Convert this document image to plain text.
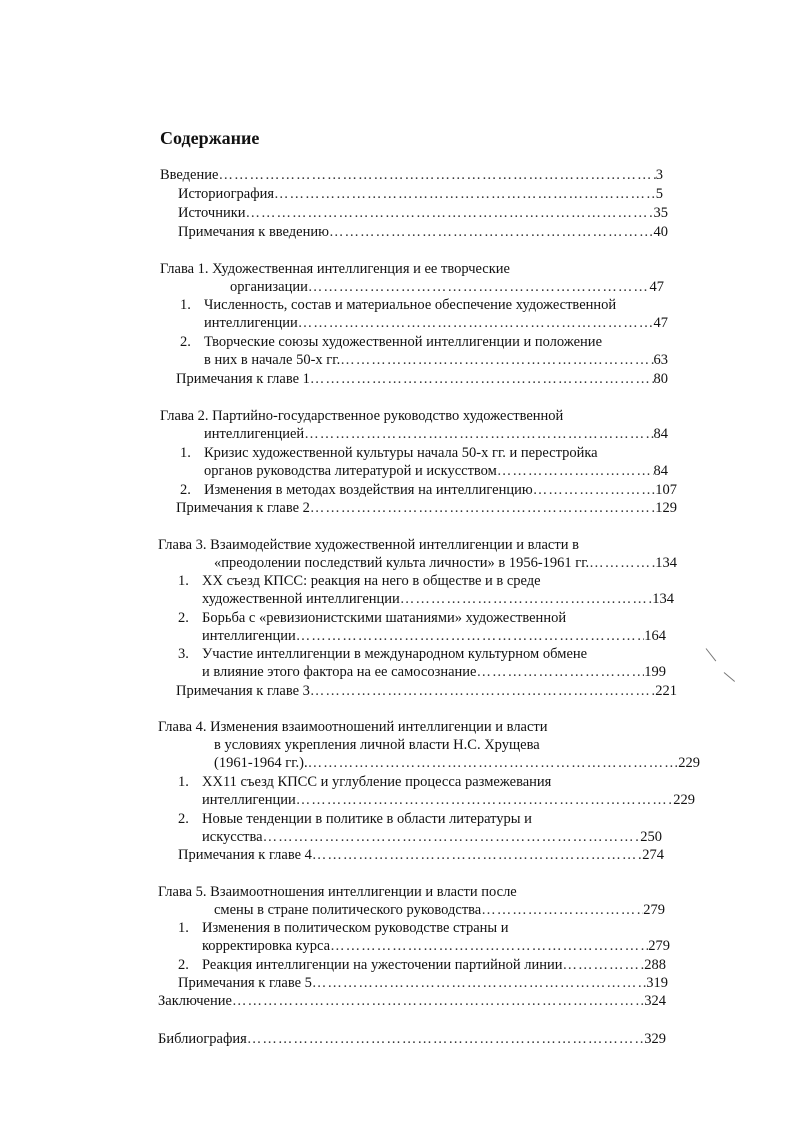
Содержание
Введение …………………………………………………………………………………………………………………………………………………………	3
Историография …………………………………………………………………………………………………………………………………………………………	5
Источники …………………………………………………………………………………………………………………………………………………………	35
Примечания к введению …………………………………………………………………………………………………………………………………………………………	40
Глава 1. Художественная интеллигенция и ее творческие
организации …………………………………………………………………………………………………………………………………………………………	47
1. Численность, состав и материальное обеспечение художественной
интеллигенции …………………………………………………………………………………………………………………………………………………………	47
2. Творческие союзы художественной интеллигенции и положение
в них в начале 50-х гг. …………………………………………………………………………………………………………………………………………………………	63
Примечания к главе 1 …………………………………………………………………………………………………………………………………………………………	80
Глава 2. Партийно-государственное руководство художественной
интеллигенцией …………………………………………………………………………………………………………………………………………………………	84
1. Кризис художественной культуры начала 50-х гг. и перестройка
органов руководства литературой и искусством …………………………………………………………………………………………………………………………………………………………	84
2. Изменения в методах воздействия на интеллигенцию …………………………………………………………………………………………………………………………………………………………	107
Примечания к главе 2 …………………………………………………………………………………………………………………………………………………………	129
Глава 3. Взаимодействие художественной интеллигенции и власти в
«преодолении последствий культа личности» в 1956-1961 гг. …………………………………………………………………………………………………………………………………………………………	134
1. XX съезд КПСС: реакция на него в обществе и в среде
художественной интеллигенции …………………………………………………………………………………………………………………………………………………………	134
2. Борьба с «ревизионистскими шатаниями» художественной
интеллигенции …………………………………………………………………………………………………………………………………………………………	164
3. Участие интеллигенции в международном культурном обмене
и влияние этого фактора на ее самосознание …………………………………………………………………………………………………………………………………………………………	199
Примечания к главе 3 …………………………………………………………………………………………………………………………………………………………	221
Глава 4. Изменения взаимоотношений интеллигенции и власти
в условиях укрепления личной власти Н.С. Хрущева
(1961-1964 гг.). …………………………………………………………………………………………………………………………………………………………	229
1. XX11 съезд КПСС и углубление процесса размежевания
интеллигенции …………………………………………………………………………………………………………………………………………………………	229
2. Новые тенденции в политике в области литературы и
искусства …………………………………………………………………………………………………………………………………………………………	250
Примечания к главе 4 …………………………………………………………………………………………………………………………………………………………	274
Глава 5. Взаимоотношения интеллигенции и власти после
смены в стране политического руководства …………………………………………………………………………………………………………………………………………………………	279
1. Изменения в политическом руководстве страны и
корректировка курса …………………………………………………………………………………………………………………………………………………………	279
2. Реакция интеллигенции на ужесточении партийной линии …………………………………………………………………………………………………………………………………………………………	288
Примечания к главе 5 …………………………………………………………………………………………………………………………………………………………	319
Заключение …………………………………………………………………………………………………………………………………………………………	324
Библиография …………………………………………………………………………………………………………………………………………………………	329
